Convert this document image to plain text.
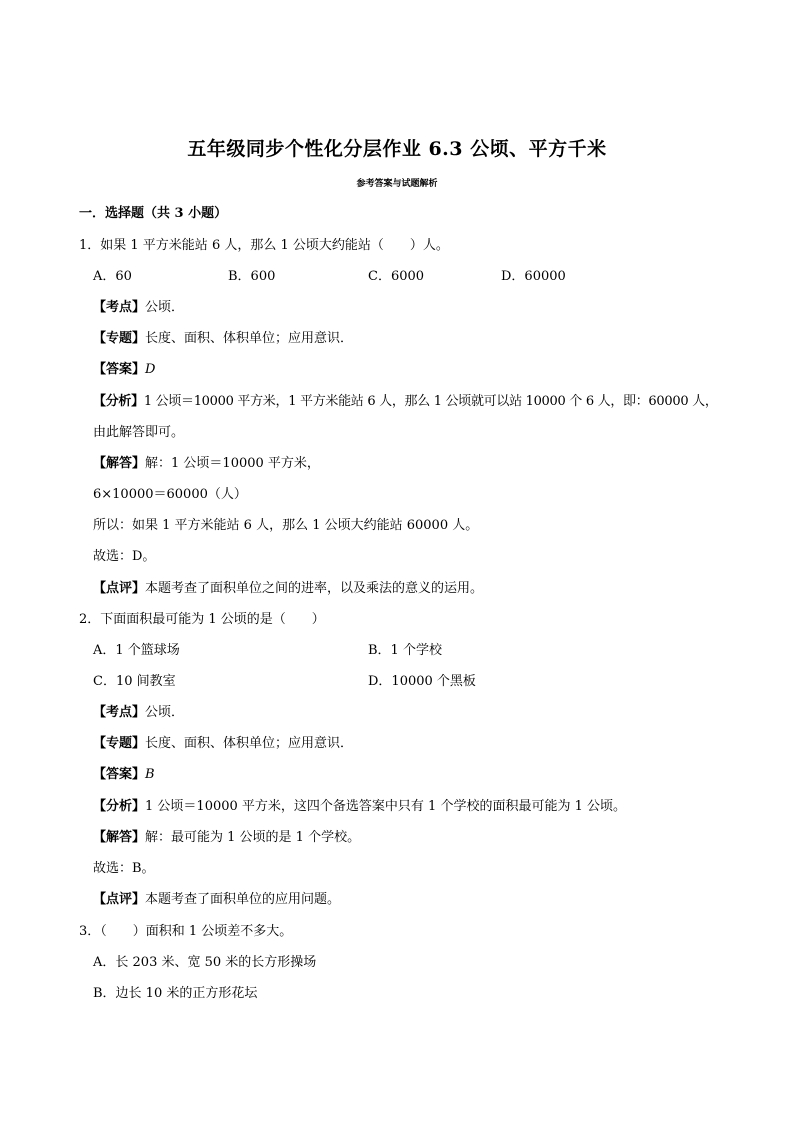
五年级同步个性化分层作业 6.3 公顷、平方千米
参考答案与试题解析
一．选择题（共 3 小题）
1．如果 1 平方米能站 6 人，那么 1 公顷大约能站（　　）人。
A．60	B．600	C．6000	D．60000
【考点】公顷．
【专题】长度、面积、体积单位；应用意识．
【答案】D
【分析】1 公顷＝10000 平方米，1 平方米能站 6 人，那么 1 公顷就可以站 10000 个 6 人，即：60000 人，
由此解答即可。
【解答】解：1 公顷＝10000 平方米，
6×10000＝60000（人）
所以：如果 1 平方米能站 6 人，那么 1 公顷大约能站 60000 人。
故选：D。
【点评】本题考查了面积单位之间的进率，以及乘法的意义的运用。
2．下面面积最可能为 1 公顷的是（　　）
A．1 个篮球场	B．1 个学校
C．10 间教室	D．10000 个黑板
【考点】公顷．
【专题】长度、面积、体积单位；应用意识．
【答案】B
【分析】1 公顷＝10000 平方米，这四个备选答案中只有 1 个学校的面积最可能为 1 公顷。
【解答】解：最可能为 1 公顷的是 1 个学校。
故选：B。
【点评】本题考查了面积单位的应用问题。
3．（　　）面积和 1 公顷差不多大。
A．长 203 米、宽 50 米的长方形操场
B．边长 10 米的正方形花坛
